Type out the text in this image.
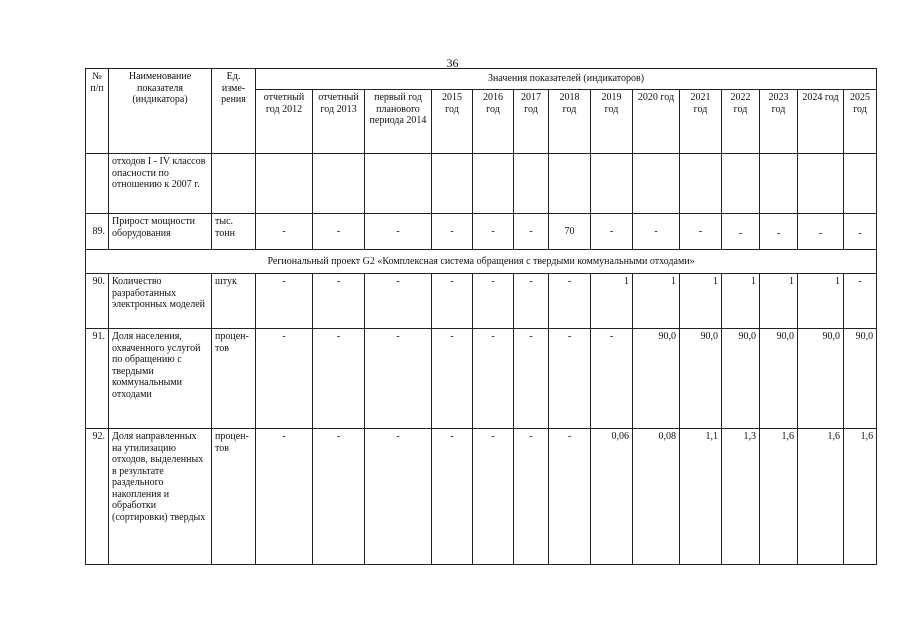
36
№ п/п	Наименование показателя (индикатора)	Ед. изме-рения	Значения показателей (индикаторов)													
			отчетный год 2012	отчетный год 2013	первый год планового периода 2014	2015 год	2016 год	2017 год	2018 год	2019 год	2020 год	2021 год	2022 год	2023 год	2024 год	2025 год
	отходов I - IV классов опасности по отношению к 2007 г.															
89.	Прирост мощности оборудования	тыс. тонн	-	-	-	-	-	-	70	-	-	-	-	-	-	-
Региональный проект G2 «Комплексная система обращения с твердыми коммунальными отходами»																
90.	Количество разработанных электронных моделей	штук	-	-	-	-	-	-	-	1	1	1	1	1	1	-
91.	Доля населения, охваченного услугой по обращению с твердыми коммунальными отходами	процен-тов	-	-	-	-	-	-	-	-	90,0	90,0	90,0	90,0	90,0	90,0
92.	Доля направленных на утилизацию отходов, выделенных в результате раздельного накопления и обработки (сортировки) твердых	процен-тов	-	-	-	-	-	-	-	0,06	0,08	1,1	1,3	1,6	1,6	1,6
